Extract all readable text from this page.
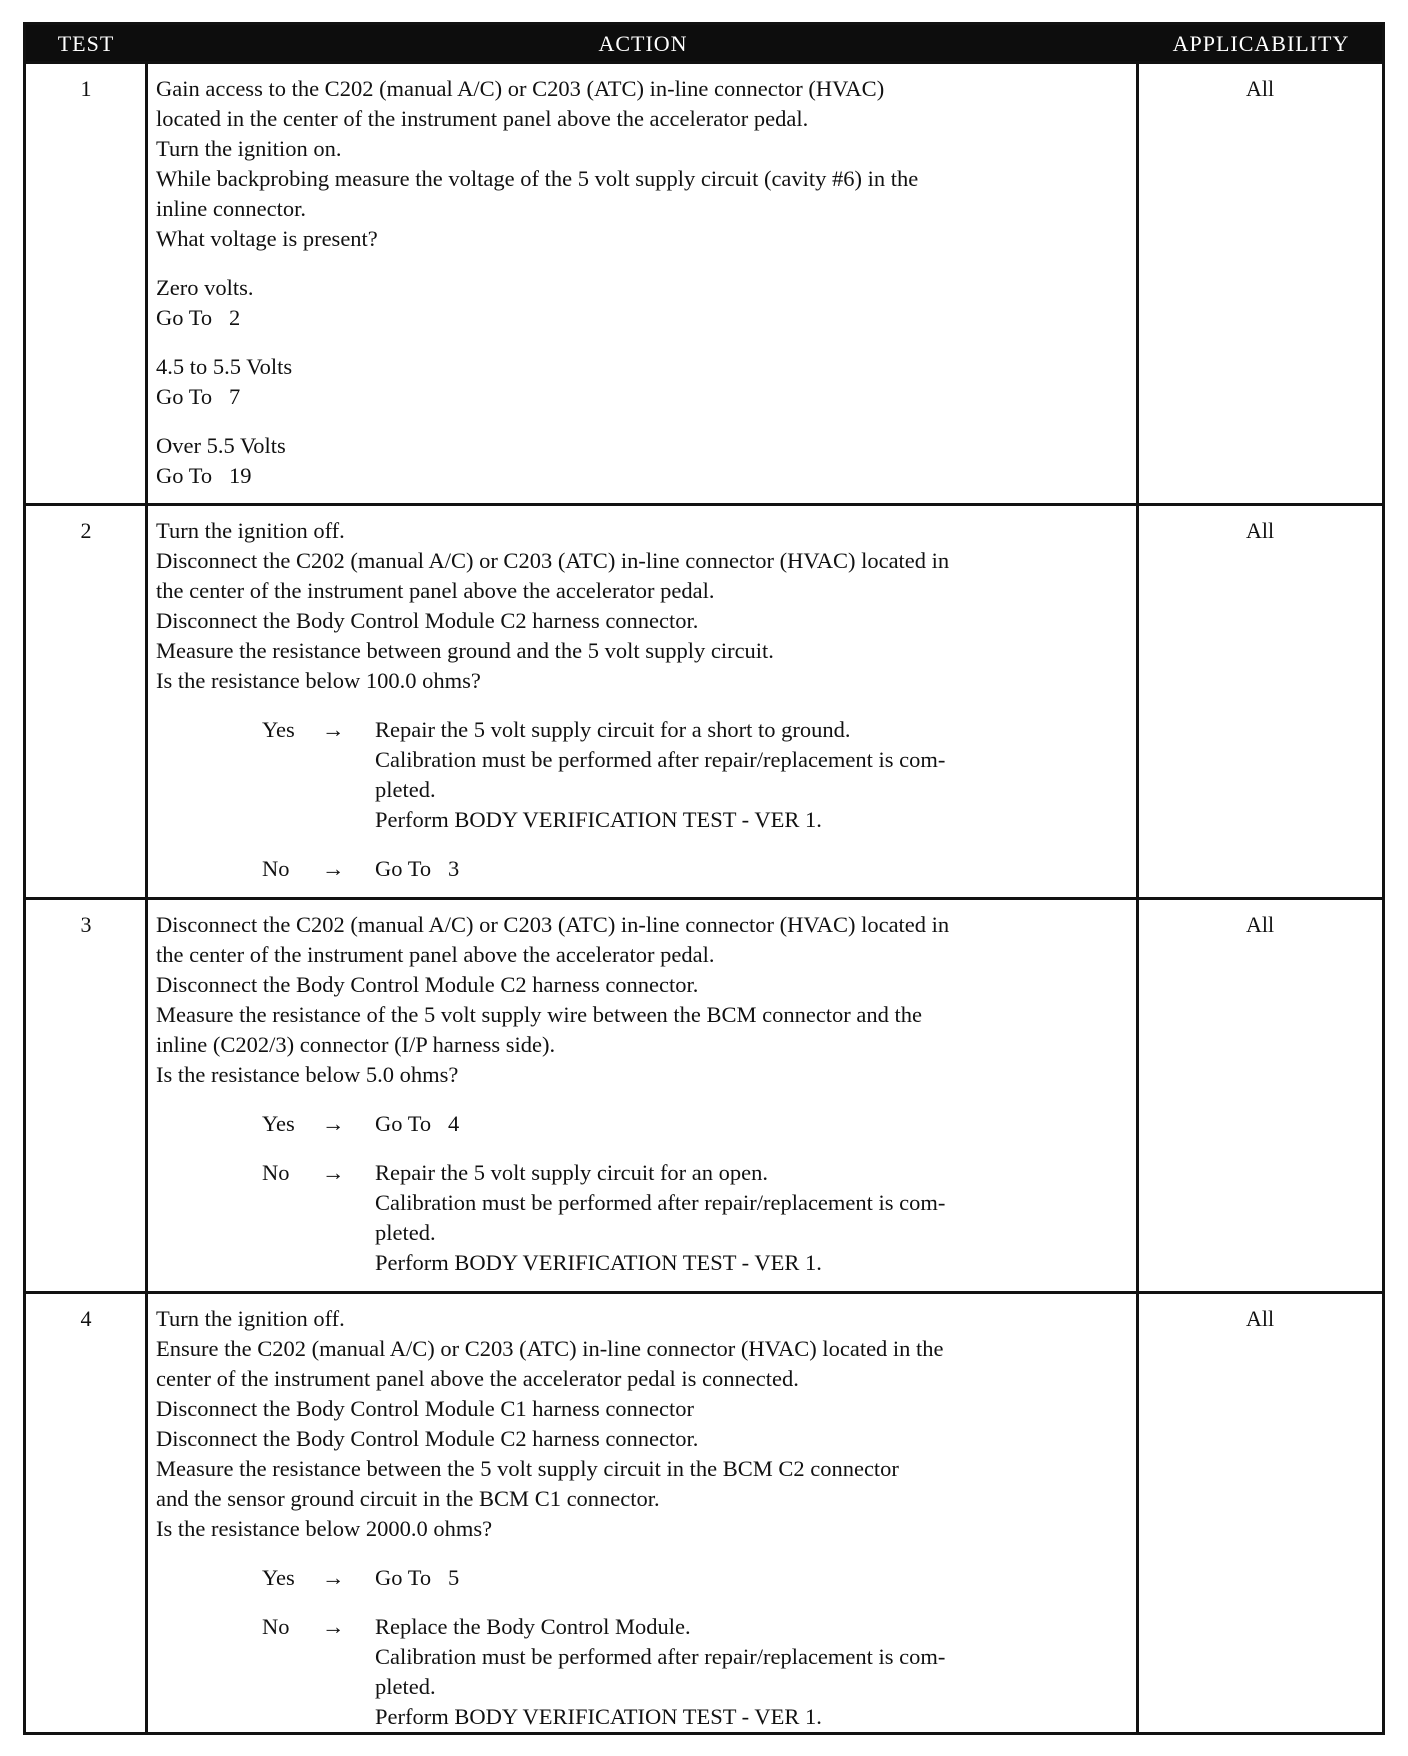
TEST	ACTION	APPLICABILITY
1	Gain access to the C202 (manual A/C) or C203 (ATC) in-line connector (HVAC)

located in the center of the instrument panel above the accelerator pedal.

Turn the ignition on.

While backprobing measure the voltage of the 5 volt supply circuit (cavity #6) in the

inline connector.

What voltage is present?

Zero volts.

Go To   2

4.5 to 5.5 Volts

Go To   7

Over 5.5 Volts

Go To   19

All
2	Turn the ignition off.

Disconnect the C202 (manual A/C) or C203 (ATC) in-line connector (HVAC) located in

the center of the instrument panel above the accelerator pedal.

Disconnect the Body Control Module C2 harness connector.

Measure the resistance between ground and the 5 volt supply circuit.

Is the resistance below 100.0 ohms?

Yes	→	Repair the 5 volt supply circuit for a short to ground.

Calibration must be performed after repair/replacement is com-

pleted.

Perform BODY VERIFICATION TEST - VER 1.

No	→	Go To   3

All
3	Disconnect the C202 (manual A/C) or C203 (ATC) in-line connector (HVAC) located in

the center of the instrument panel above the accelerator pedal.

Disconnect the Body Control Module C2 harness connector.

Measure the resistance of the 5 volt supply wire between the BCM connector and the

inline (C202/3) connector (I/P harness side).

Is the resistance below 5.0 ohms?

Yes	→	Go To   4

No	→	Repair the 5 volt supply circuit for an open.

Calibration must be performed after repair/replacement is com-

pleted.

Perform BODY VERIFICATION TEST - VER 1.

All
4	Turn the ignition off.

Ensure the C202 (manual A/C) or C203 (ATC) in-line connector (HVAC) located in the

center of the instrument panel above the accelerator pedal is connected.

Disconnect the Body Control Module C1 harness connector

Disconnect the Body Control Module C2 harness connector.

Measure the resistance between the 5 volt supply circuit in the BCM C2 connector

and the sensor ground circuit in the BCM C1 connector.

Is the resistance below 2000.0 ohms?

Yes	→	Go To   5

No	→	Replace the Body Control Module.

Calibration must be performed after repair/replacement is com-

pleted.

Perform BODY VERIFICATION TEST - VER 1.

All
